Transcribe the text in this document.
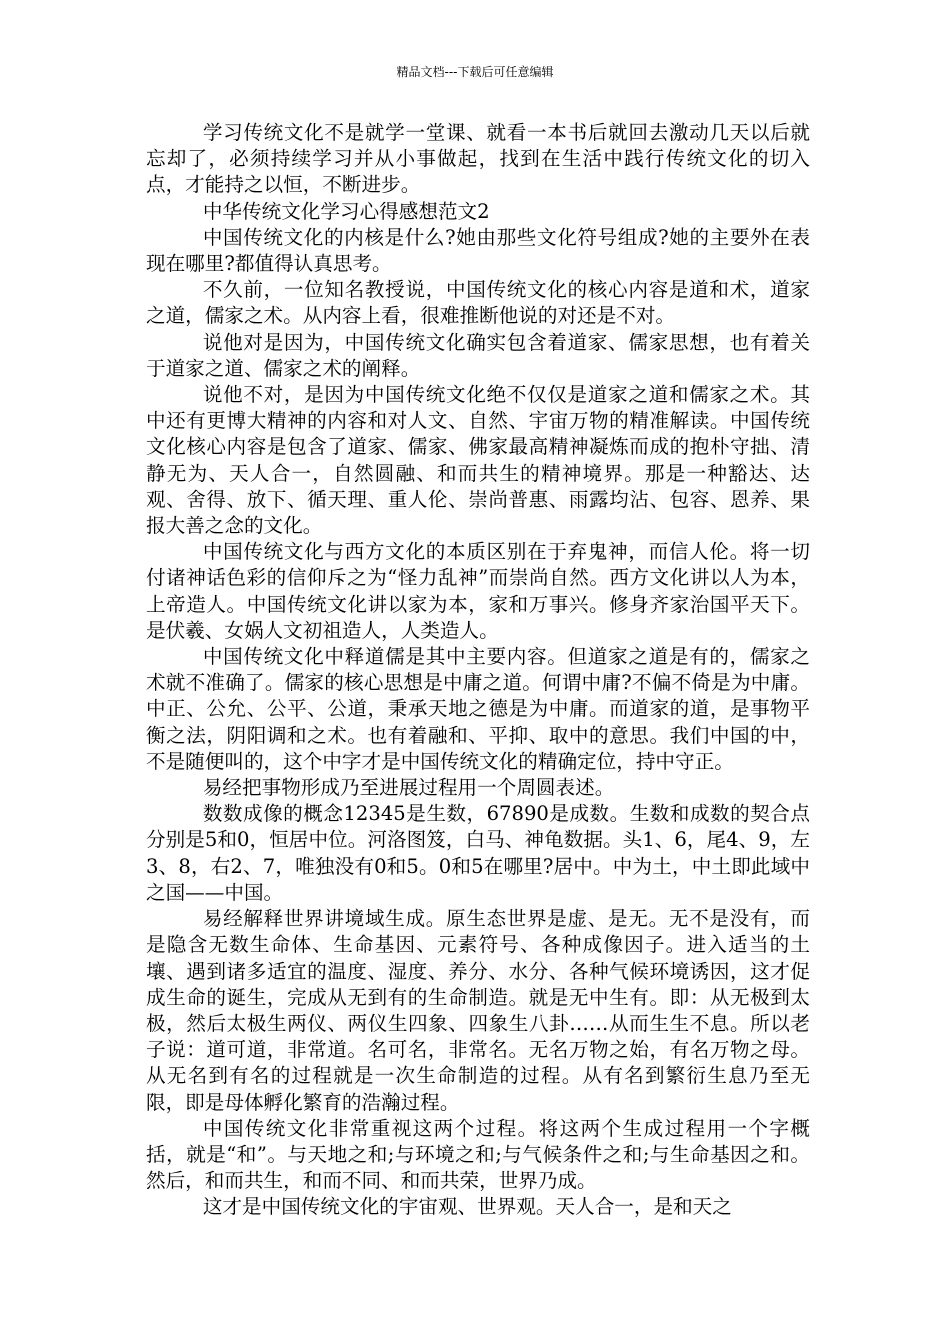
精品文档---下载后可任意编辑

学习传统文化不是就学一堂课、就看一本书后就回去激动几天以后就忘却了，必须持续学习并从小事做起，找到在生活中践行传统文化的切入点，才能持之以恒，不断进步。

中华传统文化学习心得感想范文2

中国传统文化的内核是什么?她由那些文化符号组成?她的主要外在表现在哪里?都值得认真思考。

不久前，一位知名教授说，中国传统文化的核心内容是道和术，道家之道，儒家之术。从内容上看，很难推断他说的对还是不对。

说他对是因为，中国传统文化确实包含着道家、儒家思想，也有着关于道家之道、儒家之术的阐释。

说他不对，是因为中国传统文化绝不仅仅是道家之道和儒家之术。其中还有更博大精神的内容和对人文、自然、宇宙万物的精准解读。中国传统文化核心内容是包含了道家、儒家、佛家最高精神凝炼而成的抱朴守拙、清静无为、天人合一，自然圆融、和而共生的精神境界。那是一种豁达、达观、舍得、放下、循天理、重人伦、崇尚普惠、雨露均沾、包容、恩养、果报大善之念的文化。

中国传统文化与西方文化的本质区别在于弃鬼神，而信人伦。将一切付诸神话色彩的信仰斥之为“怪力乱神”而崇尚自然。西方文化讲以人为本，上帝造人。中国传统文化讲以家为本，家和万事兴。修身齐家治国平天下。是伏羲、女娲人文初祖造人，人类造人。

中国传统文化中释道儒是其中主要内容。但道家之道是有的，儒家之术就不准确了。儒家的核心思想是中庸之道。何谓中庸?不偏不倚是为中庸。中正、公允、公平、公道，秉承天地之德是为中庸。而道家的道，是事物平衡之法，阴阳调和之术。也有着融和、平抑、取中的意思。我们中国的中，不是随便叫的，这个中字才是中国传统文化的精确定位，持中守正。

易经把事物形成乃至进展过程用一个周圆表述。

数数成像的概念12345是生数，67890是成数。生数和成数的契合点分别是5和0，恒居中位。河洛图笈，白马、神龟数据。头1、6，尾4、9，左3、8，右2、7，唯独没有0和5。0和5在哪里?居中。中为土，中土即此域中之国——中国。

易经解释世界讲境域生成。原生态世界是虚、是无。无不是没有，而是隐含无数生命体、生命基因、元素符号、各种成像因子。进入适当的土壤、遇到诸多适宜的温度、湿度、养分、水分、各种气候环境诱因，这才促成生命的诞生，完成从无到有的生命制造。就是无中生有。即：从无极到太极，然后太极生两仪、两仪生四象、四象生八卦……从而生生不息。所以老子说：道可道，非常道。名可名，非常名。无名万物之始，有名万物之母。从无名到有名的过程就是一次生命制造的过程。从有名到繁衍生息乃至无限，即是母体孵化繁育的浩瀚过程。

中国传统文化非常重视这两个过程。将这两个生成过程用一个字概括，就是“和”。与天地之和;与环境之和;与气候条件之和;与生命基因之和。然后，和而共生，和而不同、和而共荣，世界乃成。

这才是中国传统文化的宇宙观、世界观。天人合一，是和天之
